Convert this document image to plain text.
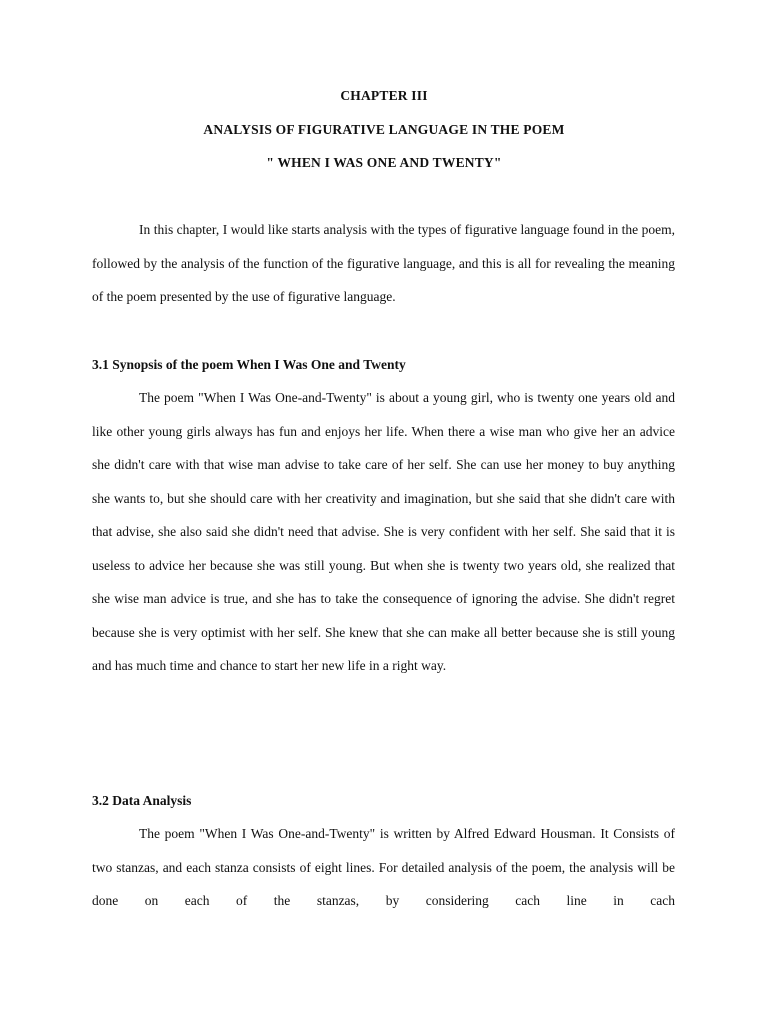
CHAPTER III
ANALYSIS OF FIGURATIVE LANGUAGE IN THE POEM
" WHEN I WAS ONE AND TWENTY"

In this chapter, I would like starts analysis with the types of figurative language found in the poem, followed by the analysis of the function of the figurative language, and this is all for revealing the meaning of the poem presented by the use of figurative language.

3.1 Synopsis of the poem When I Was One and Twenty

The poem "When I Was One-and-Twenty" is about a young girl, who is twenty one years old and like other young girls always has fun and enjoys her life. When there a wise man who give her an advice she didn't care with that wise man advise to take care of her self. She can use her money to buy anything she wants to, but she should care with her creativity and imagination, but she said that she didn't care with that advise, she also said she didn't need that advise. She is very confident with her self. She said that it is useless to advice her because she was still young. But when she is twenty two years old, she realized that she wise man advice is true, and she has to take the consequence of ignoring the advise. She didn't regret because she is very optimist with her self. She knew that she can make all better because she is still young and has much time and chance to start her new life in a right way.

3.2 Data Analysis

The poem "When I Was One-and-Twenty" is written by Alfred Edward Housman. It Consists of two stanzas, and each stanza consists of eight lines. For detailed analysis of the poem, the analysis will be done on each of the stanzas, by considering cach line in cach
